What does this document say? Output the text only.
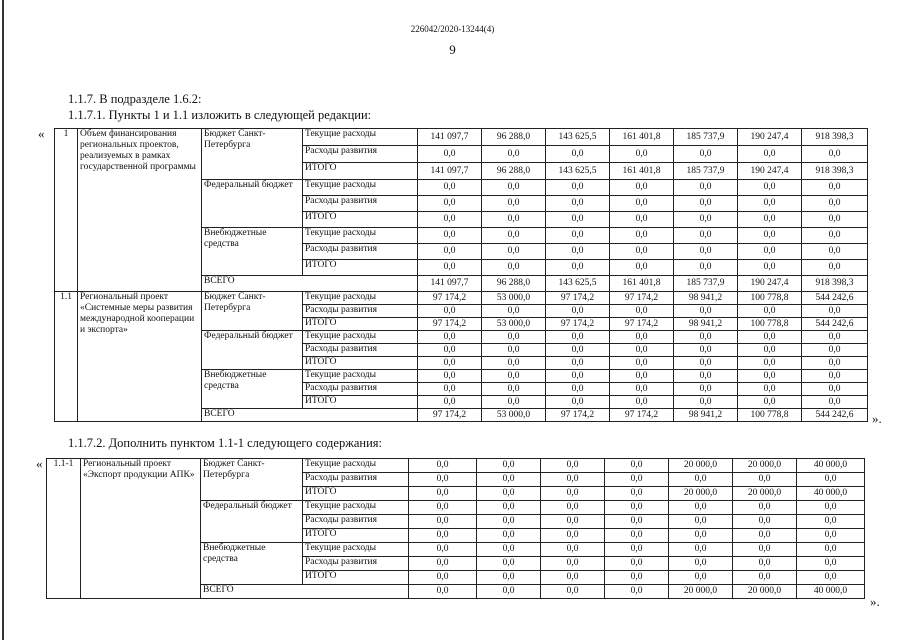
226042/2020-13244(4)
9
1.1.7. В подразделе 1.6.2:
1.1.7.1. Пункты 1 и 1.1 изложить в следующей редакции:
« 1	Объем финансирования региональных проектов, реализуемых в рамках государственной программы	Бюджет Санкт-Петербурга	Текущие расходы	141 097,7	96 288,0	143 625,5	161 401,8	185 737,9	190 247,4	918 398,3
			Расходы развития	0,0	0,0	0,0	0,0	0,0	0,0	0,0
			ИТОГО	141 097,7	96 288,0	143 625,5	161 401,8	185 737,9	190 247,4	918 398,3
		Федеральный бюджет	Текущие расходы	0,0	0,0	0,0	0,0	0,0	0,0	0,0
			Расходы развития	0,0	0,0	0,0	0,0	0,0	0,0	0,0
			ИТОГО	0,0	0,0	0,0	0,0	0,0	0,0	0,0
		Внебюджетные средства	Текущие расходы	0,0	0,0	0,0	0,0	0,0	0,0	0,0
			Расходы развития	0,0	0,0	0,0	0,0	0,0	0,0	0,0
			ИТОГО	0,0	0,0	0,0	0,0	0,0	0,0	0,0
		ВСЕГО		141 097,7	96 288,0	143 625,5	161 401,8	185 737,9	190 247,4	918 398,3
1.1	Региональный проект «Системные меры развития международной кооперации и экспорта»	Бюджет Санкт-Петербурга	Текущие расходы	97 174,2	53 000,0	97 174,2	97 174,2	98 941,2	100 778,8	544 242,6
			Расходы развития	0,0	0,0	0,0	0,0	0,0	0,0	0,0
			ИТОГО	97 174,2	53 000,0	97 174,2	97 174,2	98 941,2	100 778,8	544 242,6
		Федеральный бюджет	Текущие расходы	0,0	0,0	0,0	0,0	0,0	0,0	0,0
			Расходы развития	0,0	0,0	0,0	0,0	0,0	0,0	0,0
			ИТОГО	0,0	0,0	0,0	0,0	0,0	0,0	0,0
		Внебюджетные средства	Текущие расходы	0,0	0,0	0,0	0,0	0,0	0,0	0,0
			Расходы развития	0,0	0,0	0,0	0,0	0,0	0,0	0,0
			ИТОГО	0,0	0,0	0,0	0,0	0,0	0,0	0,0
		ВСЕГО		97 174,2	53 000,0	97 174,2	97 174,2	98 941,2	100 778,8	544 242,6 ».
1.1.7.2. Дополнить пунктом 1.1-1 следующего содержания:
« 1.1-1	Региональный проект «Экспорт продукции АПК»	Бюджет Санкт-Петербурга	Текущие расходы	0,0	0,0	0,0	0,0	20 000,0	20 000,0	40 000,0
			Расходы развития	0,0	0,0	0,0	0,0	0,0	0,0	0,0
			ИТОГО	0,0	0,0	0,0	0,0	20 000,0	20 000,0	40 000,0
		Федеральный бюджет	Текущие расходы	0,0	0,0	0,0	0,0	0,0	0,0	0,0
			Расходы развития	0,0	0,0	0,0	0,0	0,0	0,0	0,0
			ИТОГО	0,0	0,0	0,0	0,0	0,0	0,0	0,0
		Внебюджетные средства	Текущие расходы	0,0	0,0	0,0	0,0	0,0	0,0	0,0
			Расходы развития	0,0	0,0	0,0	0,0	0,0	0,0	0,0
			ИТОГО	0,0	0,0	0,0	0,0	0,0	0,0	0,0
		ВСЕГО		0,0	0,0	0,0	0,0	20 000,0	20 000,0	40 000,0
».
